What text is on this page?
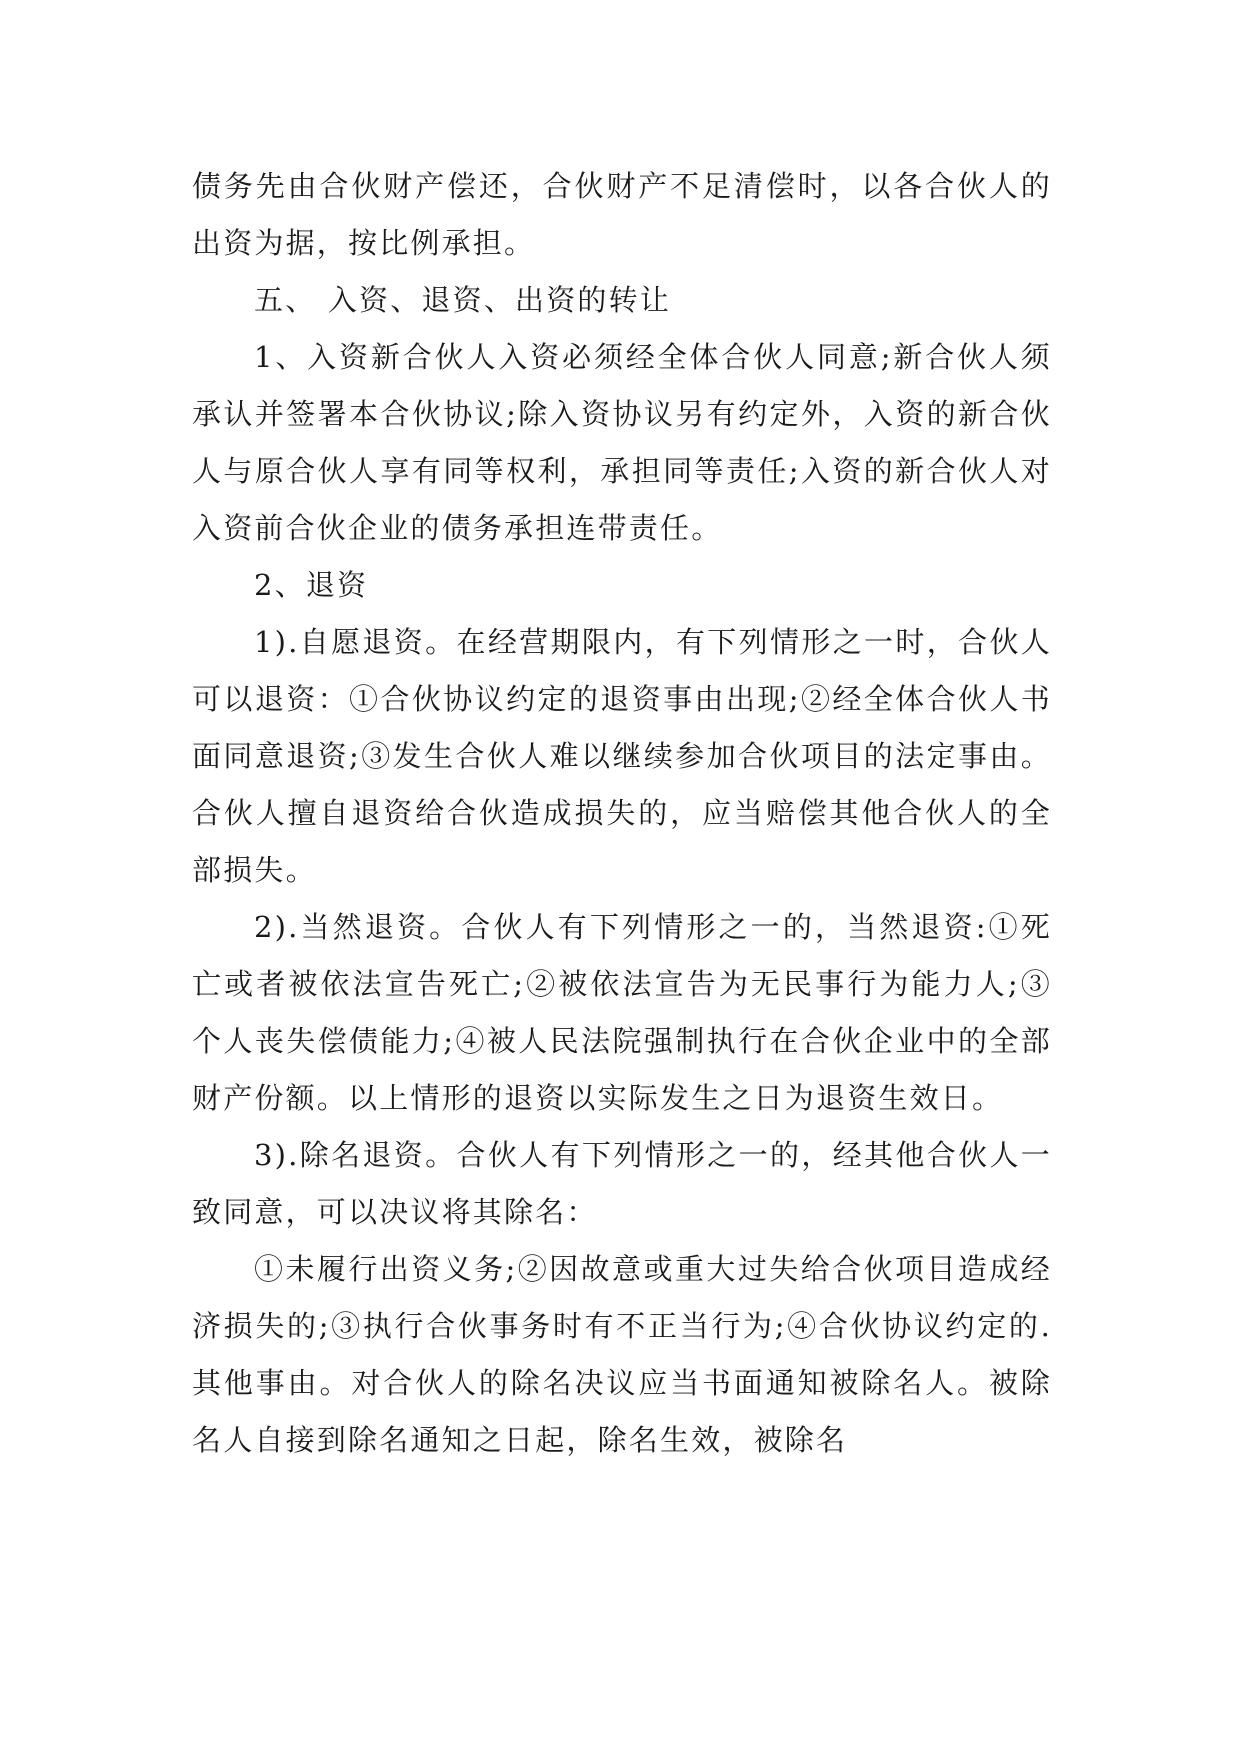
债务先由合伙财产偿还，合伙财产不足清偿时，以各合伙人的出资为据，按比例承担。

五、 入资、退资、出资的转让

1、入资新合伙人入资必须经全体合伙人同意;新合伙人须承认并签署本合伙协议;除入资协议另有约定外，入资的新合伙人与原合伙人享有同等权利，承担同等责任;入资的新合伙人对入资前合伙企业的债务承担连带责任。

2、退资

1).自愿退资。在经营期限内，有下列情形之一时，合伙人可以退资：①合伙协议约定的退资事由出现;②经全体合伙人书面同意退资;③发生合伙人难以继续参加合伙项目的法定事由。合伙人擅自退资给合伙造成损失的，应当赔偿其他合伙人的全部损失。

2).当然退资。合伙人有下列情形之一的，当然退资:①死亡或者被依法宣告死亡;②被依法宣告为无民事行为能力人;③个人丧失偿债能力;④被人民法院强制执行在合伙企业中的全部财产份额。以上情形的退资以实际发生之日为退资生效日。

3).除名退资。合伙人有下列情形之一的，经其他合伙人一致同意，可以决议将其除名：

①未履行出资义务;②因故意或重大过失给合伙项目造成经济损失的;③执行合伙事务时有不正当行为;④合伙协议约定的.其他事由。对合伙人的除名决议应当书面通知被除名人。被除名人自接到除名通知之日起，除名生效，被除名
